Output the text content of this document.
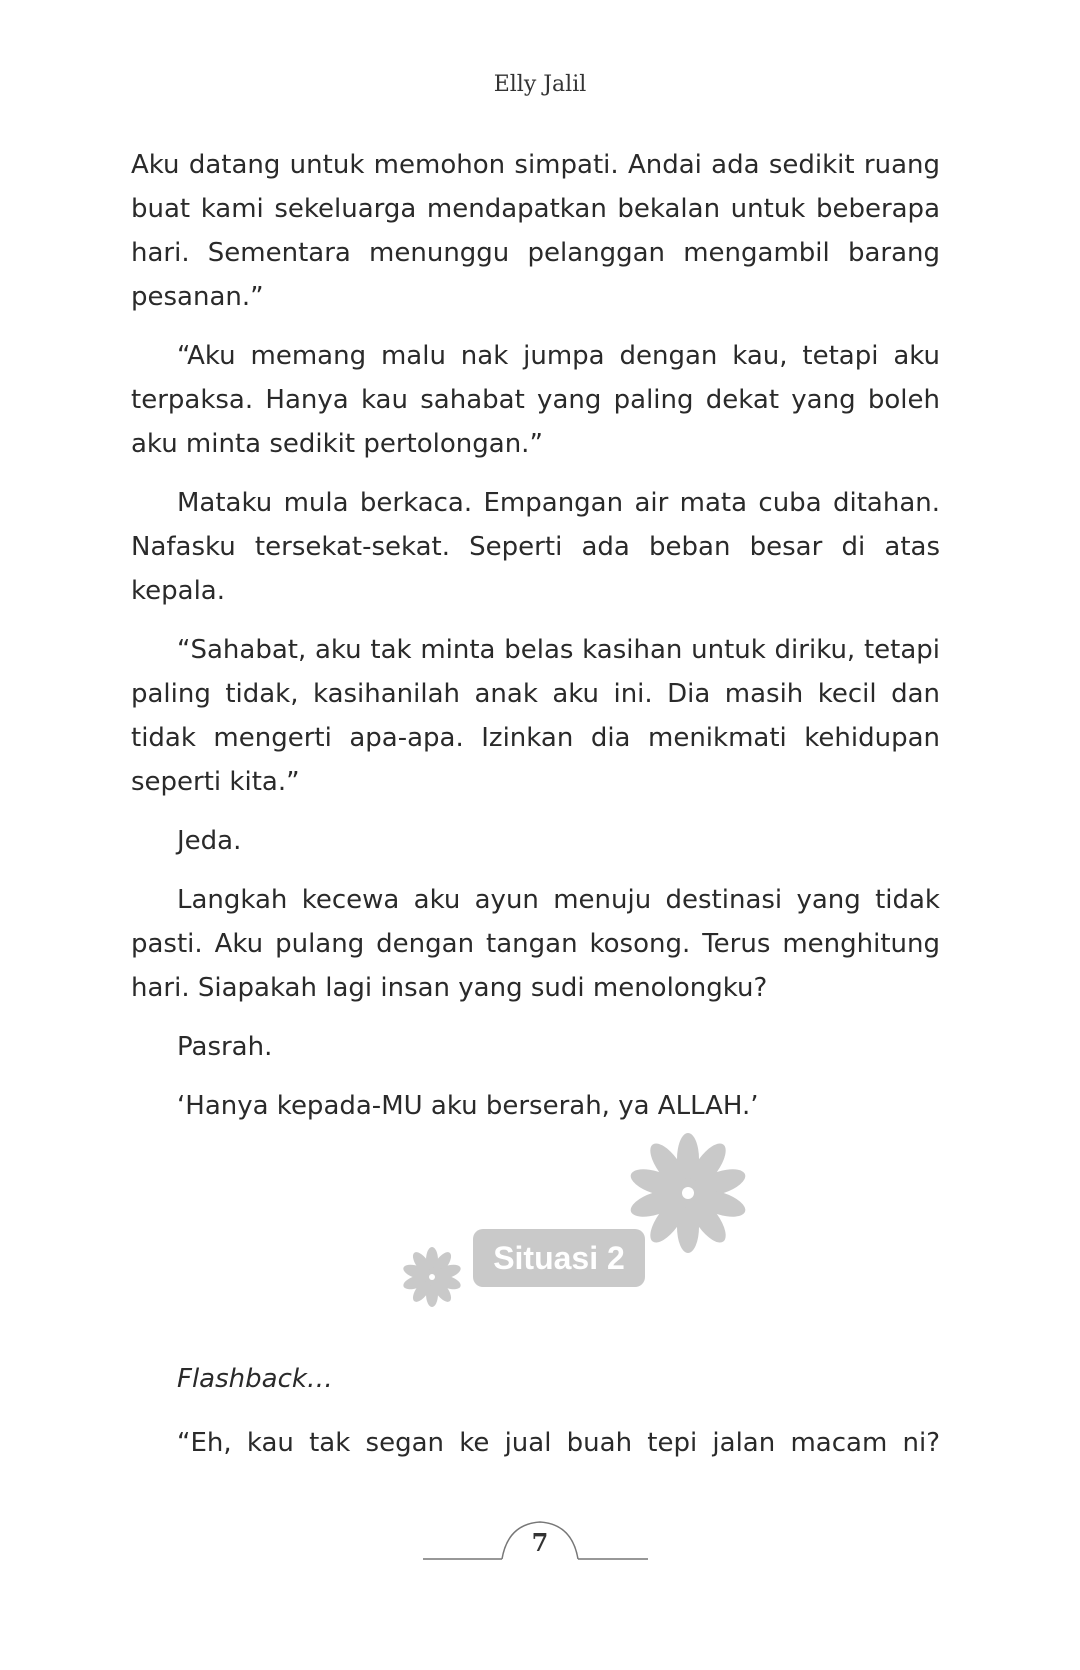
Elly Jalil

Aku datang untuk memohon simpati. Andai ada sedikit ruang buat kami sekeluarga mendapatkan bekalan untuk beberapa hari. Sementara menunggu pelanggan mengambil barang pesanan.”

“Aku memang malu nak jumpa dengan kau, tetapi aku terpaksa. Hanya kau sahabat yang paling dekat yang boleh aku minta sedikit pertolongan.”

Mataku mula berkaca. Empangan air mata cuba ditahan. Nafasku tersekat-sekat. Seperti ada beban besar di atas kepala.

“Sahabat, aku tak minta belas kasihan untuk diriku, tetapi paling tidak, kasihanilah anak aku ini. Dia masih kecil dan tidak mengerti apa-apa. Izinkan dia menikmati kehidupan seperti kita.”

Jeda.

Langkah kecewa aku ayun menuju destinasi yang tidak pasti. Aku pulang dengan tangan kosong. Terus menghitung hari. Siapakah lagi insan yang sudi menolongku?

Pasrah.

‘Hanya kepada-MU aku berserah, ya ALLAH.’

Situasi 2
Flashback…
“Eh, kau tak segan ke jual buah tepi jalan macam ni?
7
